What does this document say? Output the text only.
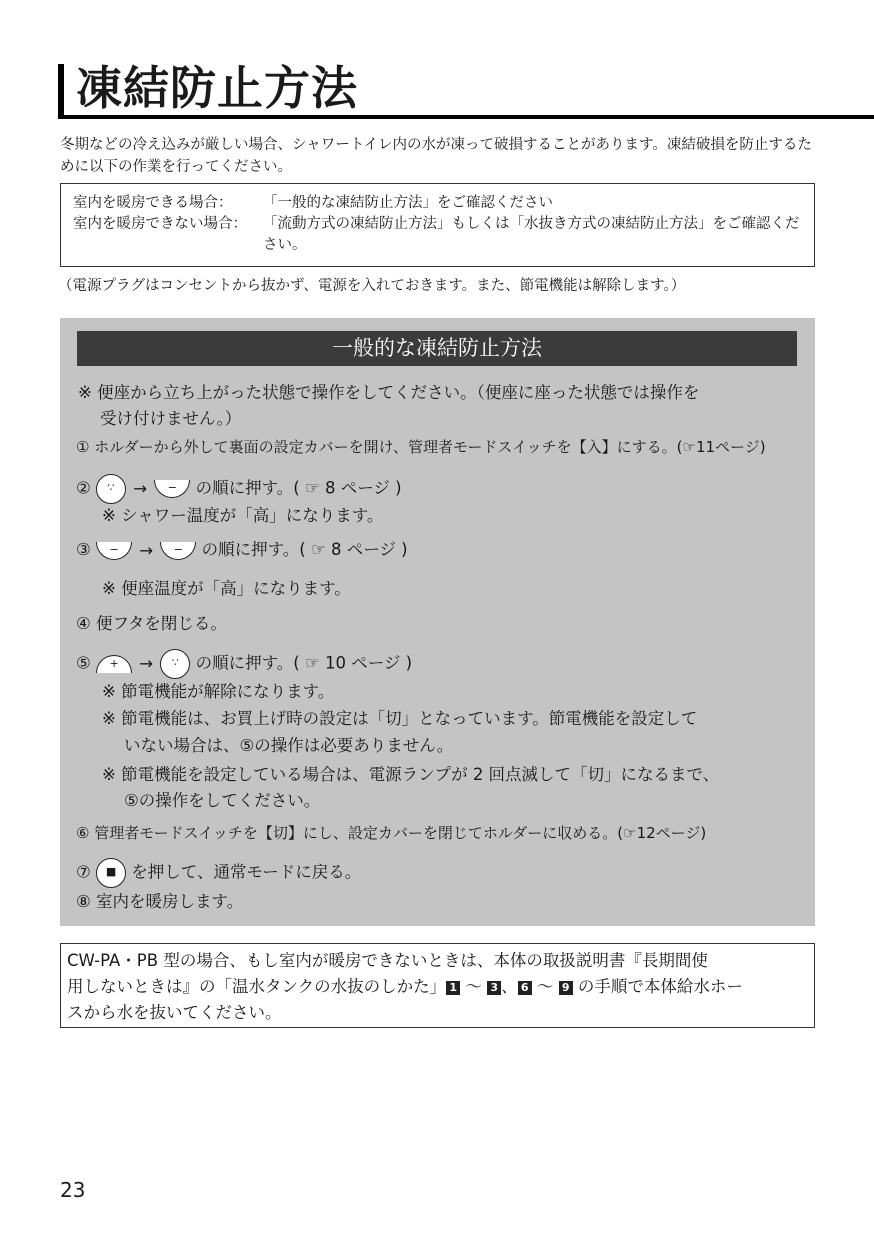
凍結防止方法
冬期などの冷え込みが厳しい場合、シャワートイレ内の水が凍って破損することがあります。凍結破損を防止するために以下の作業を行ってください。
室内を暖房できる場合：	「一般的な凍結防止方法」をご確認ください
室内を暖房できない場合：	「流動方式の凍結防止方法」もしくは「水抜き方式の凍結防止方法」をご確認ください。
（電源プラグはコンセントから抜かず、電源を入れておきます。また、節電機能は解除します。）
一般的な凍結防止方法
※ 便座から立ち上がった状態で操作をしてください。（便座に座った状態では操作を
受け付けません。）
① ホルダーから外して裏面の設定カバーを開け、管理者モードスイッチを【入】にする。(☞11ページ)
② ∵ → − の順に押す。( ☞ 8 ページ )
※ シャワー温度が「高」になります。
③ − → − の順に押す。( ☞ 8 ページ )
※ 便座温度が「高」になります。
④ 便フタを閉じる。
⑤ + → ∵ の順に押す。( ☞ 10 ページ )
※ 節電機能が解除になります。
※ 節電機能は、お買上げ時の設定は「切」となっています。節電機能を設定して
いない場合は、⑤の操作は必要ありません。
※ 節電機能を設定している場合は、電源ランプが 2 回点滅して「切」になるまで、
⑤の操作をしてください。
⑥ 管理者モードスイッチを【切】にし、設定カバーを閉じてホルダーに収める。(☞12ページ)
⑦ ■ を押して、通常モードに戻る。
⑧ 室内を暖房します。
CW-PA・PB 型の場合、もし室内が暖房できないときは、本体の取扱説明書『長期間使
用しないときは』の「温水タンクの水抜のしかた」 1 ～ 3 、 6 ～ 9 の手順で本体給水ホー
スから水を抜いてください。
23
